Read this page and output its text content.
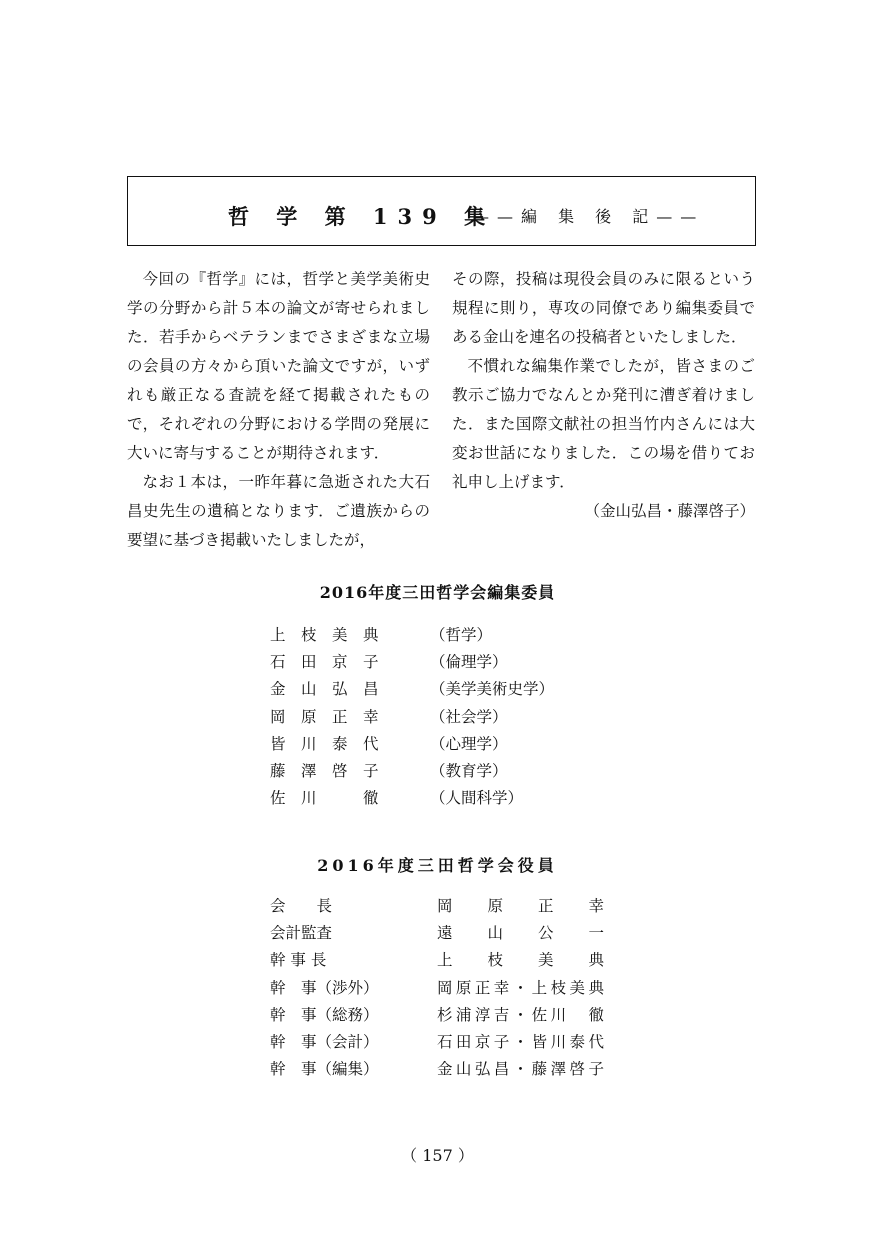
哲 学 第 139 集
——編 集 後 記——

今回の『哲学』には，哲学と美学美術史学の分野から計５本の論文が寄せられました．若手からベテランまでさまざまな立場の会員の方々から頂いた論文ですが，いずれも厳正なる査読を経て掲載されたもので，それぞれの分野における学問の発展に大いに寄与することが期待されます．

なお１本は，一昨年暮に急逝された大石昌史先生の遺稿となります．ご遺族からの要望に基づき掲載いたしましたが，

その際，投稿は現役会員のみに限るという規程に則り，専攻の同僚であり編集委員である金山を連名の投稿者といたしました．

不慣れな編集作業でしたが，皆さまのご教示ご協力でなんとか発刊に漕ぎ着けました．また国際文献社の担当竹内さんには大変お世話になりました．この場を借りてお礼申し上げます．

（金山弘昌・藤澤啓子）
2016年度三田哲学会編集委員
上　枝　美　典	（哲学）
石　田　京　子	（倫理学）
金　山　弘　昌	（美学美術史学）
岡　原　正　幸	（社会学）
皆　川　泰　代	（心理学）
藤　澤　啓　子	（教育学）
佐　川　　　徹	（人間科学）
2016年度三田哲学会役員
会　　長	岡原正幸
会計監査	遠山公一
幹 事 長	上枝美典
幹　事（渉外）	岡原正幸・上枝美典
幹　事（総務）	杉浦淳吉・佐川　徹
幹　事（会計）	石田京子・皆川泰代
幹　事（編集）	金山弘昌・藤澤啓子
（ 157 ）
